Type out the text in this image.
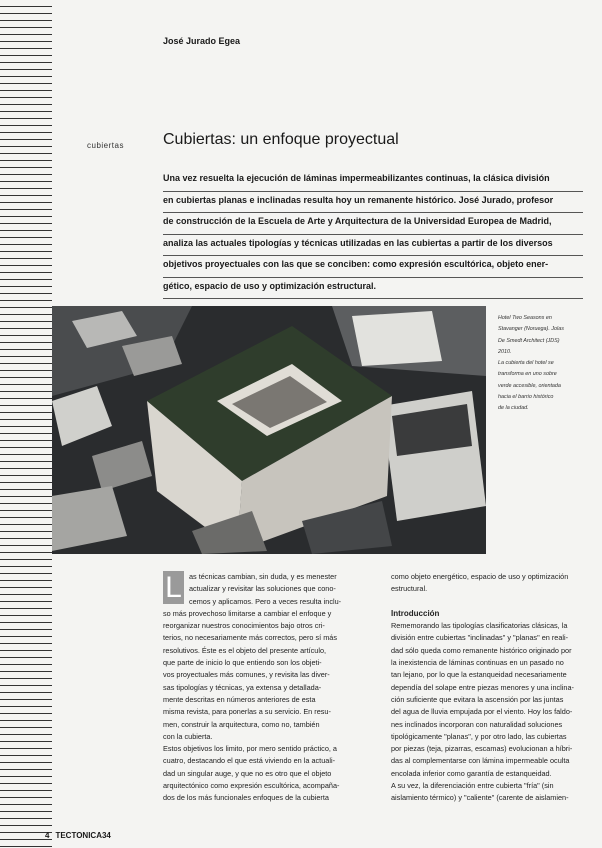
José Jurado Egea
cubiertas Cubiertas: un enfoque proyectual
Una vez resuelta la ejecución de láminas impermeabilizantes continuas, la clásica división
en cubiertas planas e inclinadas resulta hoy un remanente histórico. José Jurado, profesor
de construcción de la Escuela de Arte y Arquitectura de la Universidad Europea de Madrid,
analiza las actuales tipologías y técnicas utilizadas en las cubiertas a partir de los diversos
objetivos proyectuales con las que se conciben: como expresión escultórica, objeto ener-
gético, espacio de uso y optimización estructural.
Hotel Two Seasons en
Stavanger (Noruega). Jolas
De Smedt Architect (JDS)
2010.
La cubierta del hotel se
transforma en uno sobre
verde accesible, orientada
hacia el barrio histórico
de la ciudad.
L as técnicas cambian, sin duda, y es menester
actualizar y revisitar las soluciones que cono-
cemos y aplicamos. Pero a veces resulta inclu-
so más provechoso limitarse a cambiar el enfoque y
reorganizar nuestros conocimientos bajo otros cri-
terios, no necesariamente más correctos, pero sí más
resolutivos. Éste es el objeto del presente artículo,
que parte de inicio lo que entiendo son los objeti-
vos proyectuales más comunes, y revisita las diver-
sas tipologías y técnicas, ya extensa y detallada-
mente descritas en números anteriores de esta
misma revista, para ponerlas a su servicio. En resu-
men, construir la arquitectura, como no, también
con la cubierta.
Estos objetivos los limito, por mero sentido práctico, a
cuatro, destacando el que está viviendo en la actuali-
dad un singular auge, y que no es otro que el objeto
arquitectónico como expresión escultórica, acompaña-
dos de los más funcionales enfoques de la cubierta
como objeto energético, espacio de uso y optimización
estructural.
Introducción
Rememorando las tipologías clasificatorias clásicas, la
división entre cubiertas "inclinadas" y "planas" en reali-
dad sólo queda como remanente histórico originado por
la inexistencia de láminas continuas en un pasado no
tan lejano, por lo que la estanqueidad necesariamente
dependía del solape entre piezas menores y una inclina-
ción suficiente que evitara la ascensión por las juntas
del agua de lluvia empujada por el viento. Hoy los faldo-
nes inclinados incorporan con naturalidad soluciones
tipológicamente "planas", y por otro lado, las cubiertas
por piezas (teja, pizarras, escamas) evolucionan a híbri-
das al complementarse con lámina impermeable oculta
encolada inferior como garantía de estanqueidad.
A su vez, la diferenciación entre cubierta "fría" (sin
aislamiento térmico) y "caliente" (carente de aislamien-
4 TECTONICA34
